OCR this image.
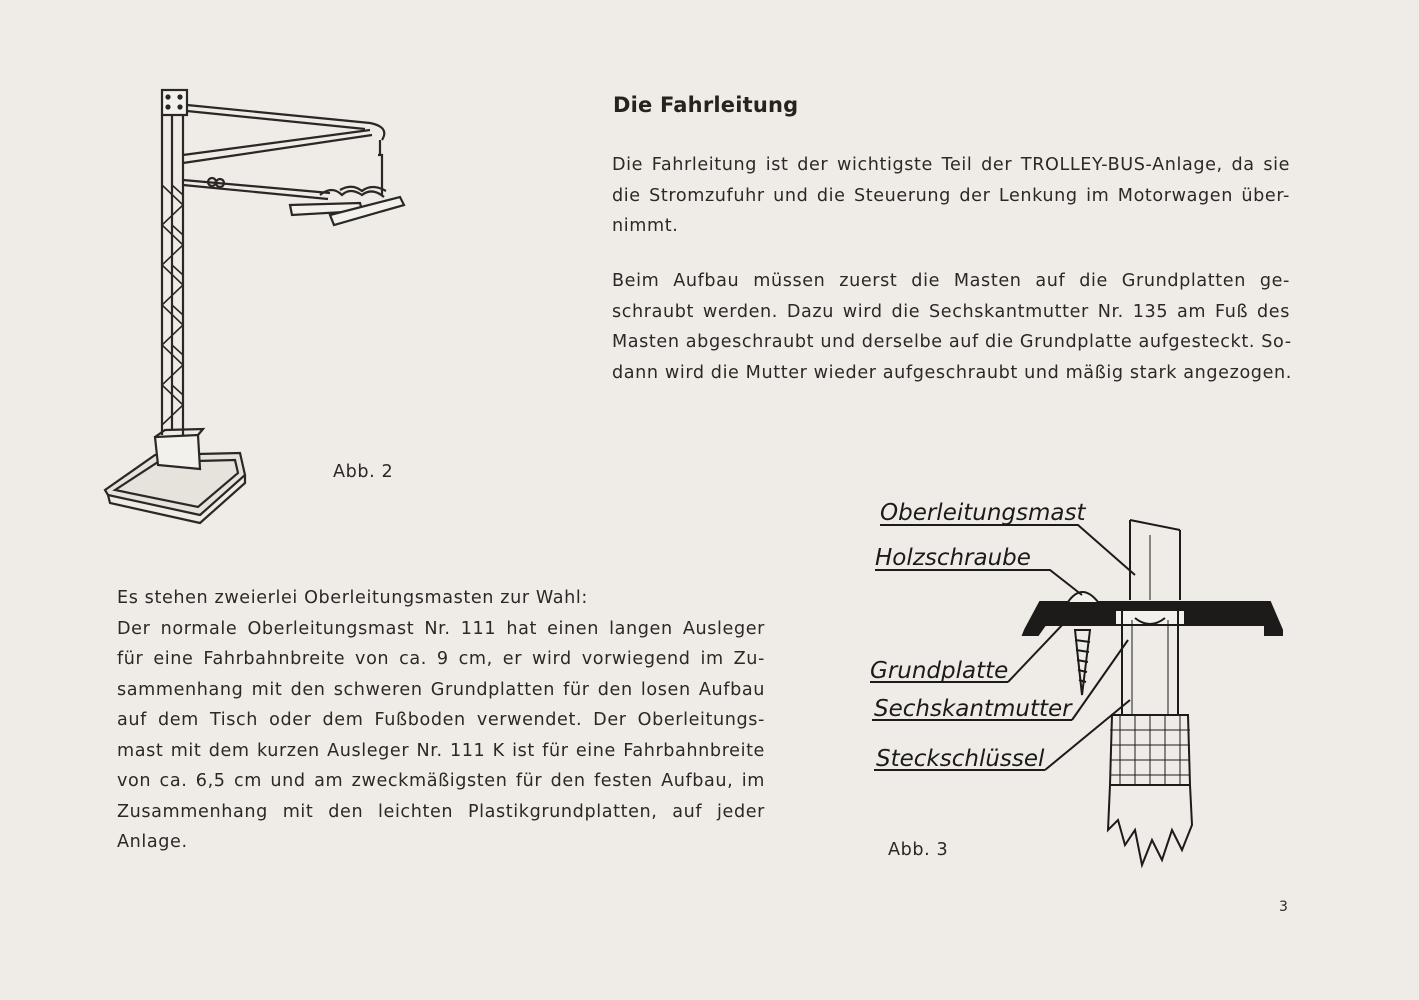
Abb. 2
Die Fahrleitung
Die Fahrleitung ist der wichtigste Teil der TROLLEY-BUS-Anlage, da sie
die Stromzufuhr und die Steuerung der Lenkung im Motorwagen über-
nimmt.
Beim Aufbau müssen zuerst die Masten auf die Grundplatten ge-
schraubt werden. Dazu wird die Sechskantmutter Nr. 135 am Fuß des
Masten abgeschraubt und derselbe auf die Grundplatte aufgesteckt. So-
dann wird die Mutter wieder aufgeschraubt und mäßig stark angezogen.
Es stehen zweierlei Oberleitungsmasten zur Wahl:
Der normale Oberleitungsmast Nr. 111 hat einen langen Ausleger
für eine Fahrbahnbreite von ca. 9 cm, er wird vorwiegend im Zu-
sammenhang mit den schweren Grundplatten für den losen Aufbau
auf dem Tisch oder dem Fußboden verwendet. Der Oberleitungs-
mast mit dem kurzen Ausleger Nr. 111 K ist für eine Fahrbahnbreite
von ca. 6,5 cm und am zweckmäßigsten für den festen Aufbau, im
Zusammenhang mit den leichten Plastikgrundplatten, auf jeder
Anlage.
Oberleitungsmast
Holzschraube
Grundplatte
Sechskantmutter
Steckschlüssel
Abb. 3
3
